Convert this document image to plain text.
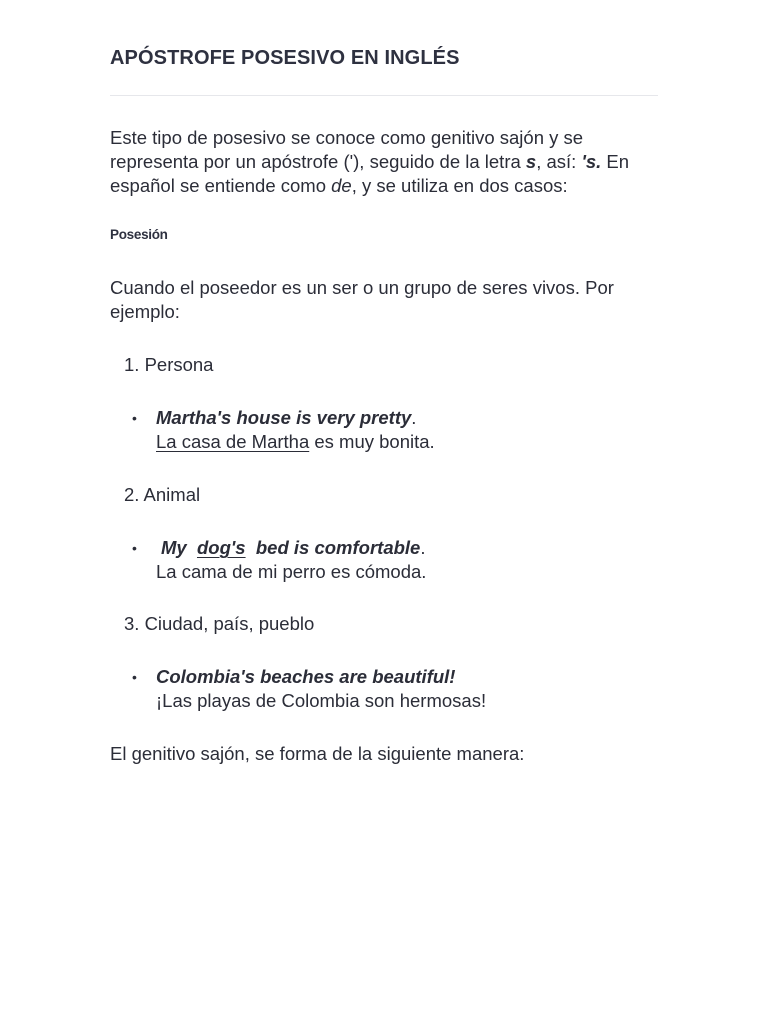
APÓSTROFE POSESIVO EN INGLÉS
Este tipo de posesivo se conoce como genitivo sajón y se representa por un apóstrofe ('), seguido de la letra s, así: 's. En español se entiende como de, y se utiliza en dos casos:
Posesión
Cuando el poseedor es un ser o un grupo de seres vivos. Por ejemplo:
1. Persona
• Martha's house is very pretty.
La casa de Martha es muy bonita.
2. Animal
• My dog's bed is comfortable.
La cama de mi perro es cómoda.
3. Ciudad, país, pueblo
• Colombia's beaches are beautiful!
¡Las playas de Colombia son hermosas!
El genitivo sajón, se forma de la siguiente manera:
